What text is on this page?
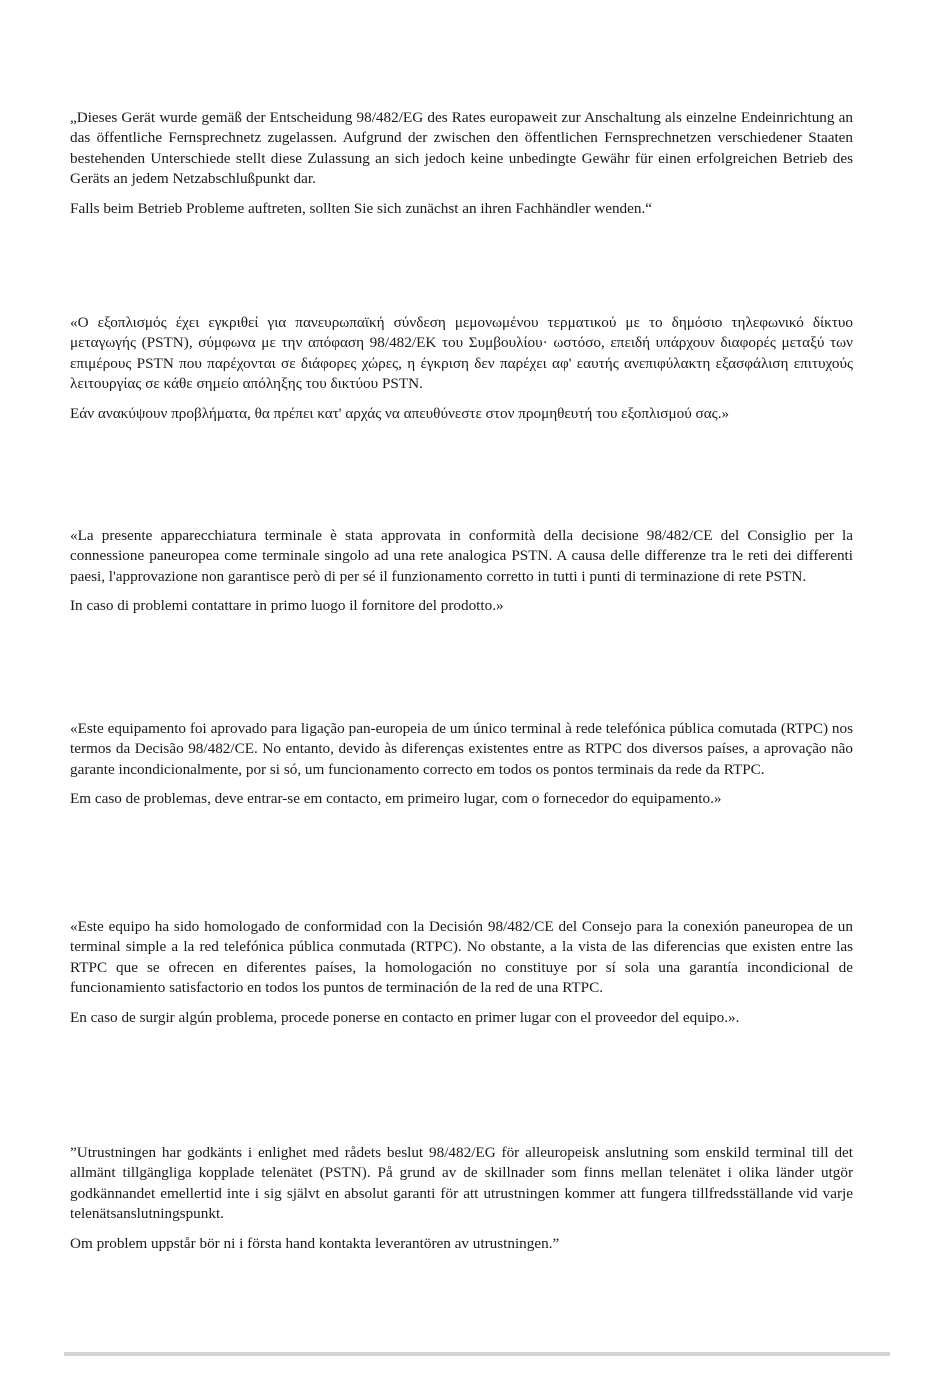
„Dieses Gerät wurde gemäß der Entscheidung 98/482/EG des Rates europaweit zur Anschaltung als einzelne Endeinrichtung an das öffentliche Fernsprechnetz zugelassen. Aufgrund der zwischen den öffentlichen Fernsprechnetzen verschiedener Staaten bestehenden Unterschiede stellt diese Zulassung an sich jedoch keine unbedingte Gewähr für einen erfolgreichen Betrieb des Geräts an jedem Netzabschlußpunkt dar.

Falls beim Betrieb Probleme auftreten, sollten Sie sich zunächst an ihren Fachhändler wenden.“

«Ο εξοπλισμός έχει εγκριθεί για πανευρωπαϊκή σύνδεση μεμονωμένου τερματικού με το δημόσιο τηλεφωνικό δίκτυο μεταγωγής (PSTN), σύμφωνα με την απόφαση 98/482/ΕΚ του Συμβουλίου· ωστόσο, επειδή υπάρχουν διαφορές μεταξύ των επιμέρους PSTN που παρέχονται σε διάφορες χώρες, η έγκριση δεν παρέχει αφ' εαυτής ανεπιφύλακτη εξασφάλιση επιτυχούς λειτουργίας σε κάθε σημείο απόληξης του δικτύου PSTN.

Εάν ανακύψουν προβλήματα, θα πρέπει κατ' αρχάς να απευθύνεστε στον προμηθευτή του εξοπλισμού σας.»

«La presente apparecchiatura terminale è stata approvata in conformità della decisione 98/482/CE del Consiglio per la connessione paneuropea come terminale singolo ad una rete analogica PSTN. A causa delle differenze tra le reti dei differenti paesi, l'approvazione non garantisce però di per sé il funzionamento corretto in tutti i punti di terminazione di rete PSTN.

In caso di problemi contattare in primo luogo il fornitore del prodotto.»

«Este equipamento foi aprovado para ligação pan-europeia de um único terminal à rede telefónica pública comutada (RTPC) nos termos da Decisão 98/482/CE. No entanto, devido às diferenças existentes entre as RTPC dos diversos países, a aprovação não garante incondicionalmente, por si só, um funcionamento correcto em todos os pontos terminais da rede da RTPC.

Em caso de problemas, deve entrar-se em contacto, em primeiro lugar, com o fornecedor do equipamento.»

«Este equipo ha sido homologado de conformidad con la Decisión 98/482/CE del Consejo para la conexión paneuropea de un terminal simple a la red telefónica pública conmutada (RTPC). No obstante, a la vista de las diferencias que existen entre las RTPC que se ofrecen en diferentes países, la homologación no constituye por sí sola una garantía incondicional de funcionamiento satisfactorio en todos los puntos de terminación de la red de una RTPC.

En caso de surgir algún problema, procede ponerse en contacto en primer lugar con el proveedor del equipo.».

”Utrustningen har godkänts i enlighet med rådets beslut 98/482/EG för alleuropeisk anslutning som enskild terminal till det allmänt tillgängliga kopplade telenätet (PSTN). På grund av de skillnader som finns mellan telenätet i olika länder utgör godkännandet emellertid inte i sig självt en absolut garanti för att utrustningen kommer att fungera tillfredsställande vid varje telenätsanslutningspunkt.

Om problem uppstår bör ni i första hand kontakta leverantören av utrustningen.”
